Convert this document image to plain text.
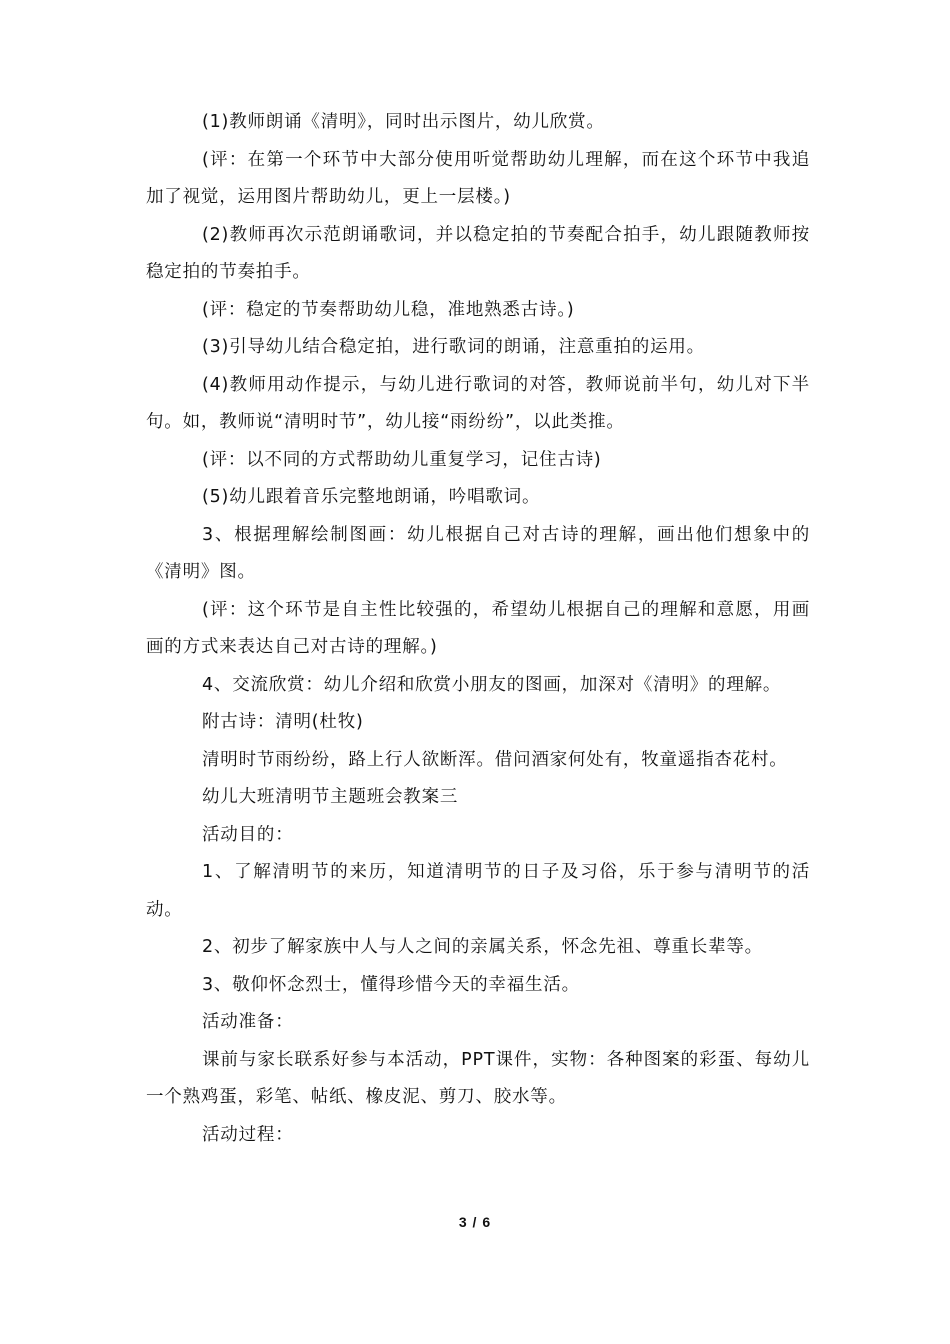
(1)教师朗诵《清明》，同时出示图片，幼儿欣赏。

(评：在第一个环节中大部分使用听觉帮助幼儿理解，而在这个环节中我追加了视觉，运用图片帮助幼儿，更上一层楼。)

(2)教师再次示范朗诵歌词，并以稳定拍的节奏配合拍手，幼儿跟随教师按稳定拍的节奏拍手。

(评：稳定的节奏帮助幼儿稳，准地熟悉古诗。)

(3)引导幼儿结合稳定拍，进行歌词的朗诵，注意重拍的运用。

(4)教师用动作提示，与幼儿进行歌词的对答，教师说前半句，幼儿对下半句。如，教师说“清明时节”，幼儿接“雨纷纷”，以此类推。

(评：以不同的方式帮助幼儿重复学习，记住古诗)

(5)幼儿跟着音乐完整地朗诵，吟唱歌词。

3、根据理解绘制图画：幼儿根据自己对古诗的理解，画出他们想象中的《清明》图。

(评：这个环节是自主性比较强的，希望幼儿根据自己的理解和意愿，用画画的方式来表达自己对古诗的理解。)

4、交流欣赏：幼儿介绍和欣赏小朋友的图画，加深对《清明》的理解。

附古诗：清明(杜牧)

清明时节雨纷纷，路上行人欲断浑。借问酒家何处有，牧童遥指杏花村。

幼儿大班清明节主题班会教案三

活动目的：

1、了解清明节的来历，知道清明节的日子及习俗，乐于参与清明节的活动。

2、初步了解家族中人与人之间的亲属关系，怀念先祖、尊重长辈等。

3、敬仰怀念烈士，懂得珍惜今天的幸福生活。

活动准备：

课前与家长联系好参与本活动，PPT课件，实物：各种图案的彩蛋、每幼儿一个熟鸡蛋，彩笔、帖纸、橡皮泥、剪刀、胶水等。

活动过程：

3 / 6
